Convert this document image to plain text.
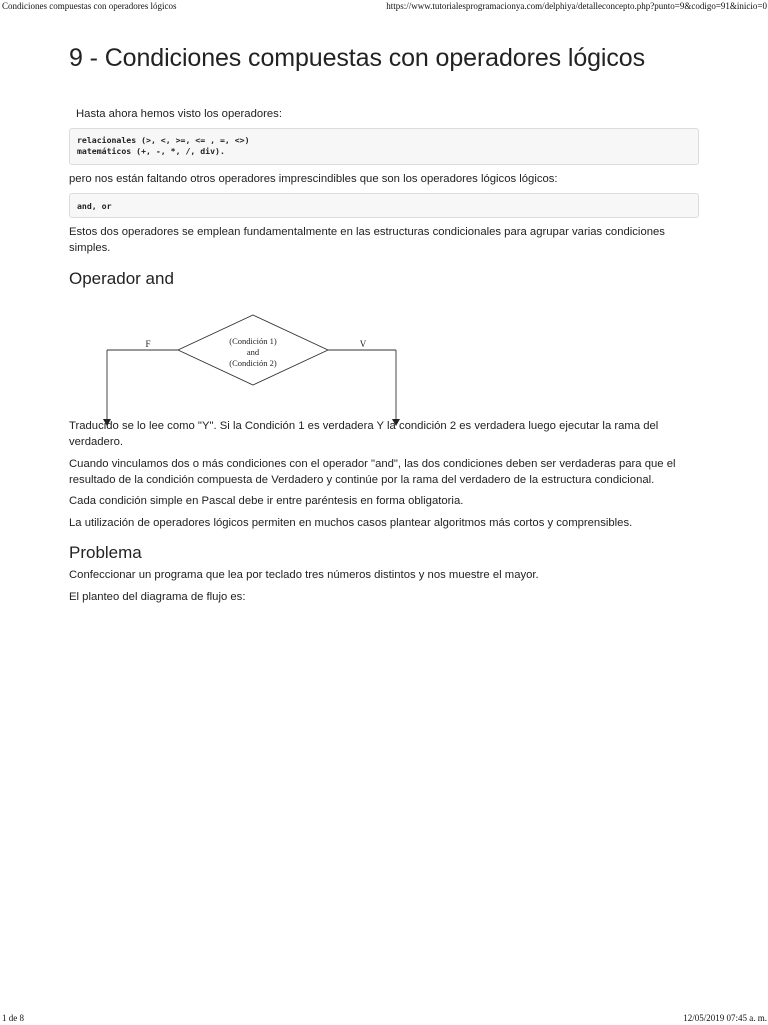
Condiciones compuestas con operadores lógicos	https://www.tutorialesprogramacionya.com/delphiya/detalleconcepto.php?punto=9&codigo=91&inicio=0
9 - Condiciones compuestas con operadores lógicos

Hasta ahora hemos visto los operadores:

relacionales (>, <, >=, <= , =, <>)
matemáticos (+, -, *, /, div).

pero nos están faltando otros operadores imprescindibles que son los operadores lógicos lógicos:

and, or

Estos dos operadores se emplean fundamentalmente en las estructuras condicionales para agrupar varias condiciones simples.

Operador and
F	V
(Condición 1)
and
(Condición 2)

Traducido se lo lee como "Y". Si la Condición 1 es verdadera Y la condición 2 es verdadera luego ejecutar la rama del verdadero.

Cuando vinculamos dos o más condiciones con el operador "and", las dos condiciones deben ser verdaderas para que el resultado de la condición compuesta de Verdadero y continúe por la rama del verdadero de la estructura condicional.

Cada condición simple en Pascal debe ir entre paréntesis en forma obligatoria.

La utilización de operadores lógicos permiten en muchos casos plantear algoritmos más cortos y comprensibles.

Problema

Confeccionar un programa que lea por teclado tres números distintos y nos muestre el mayor.

El planteo del diagrama de flujo es:

1 de 8	12/05/2019 07:45 a. m.
